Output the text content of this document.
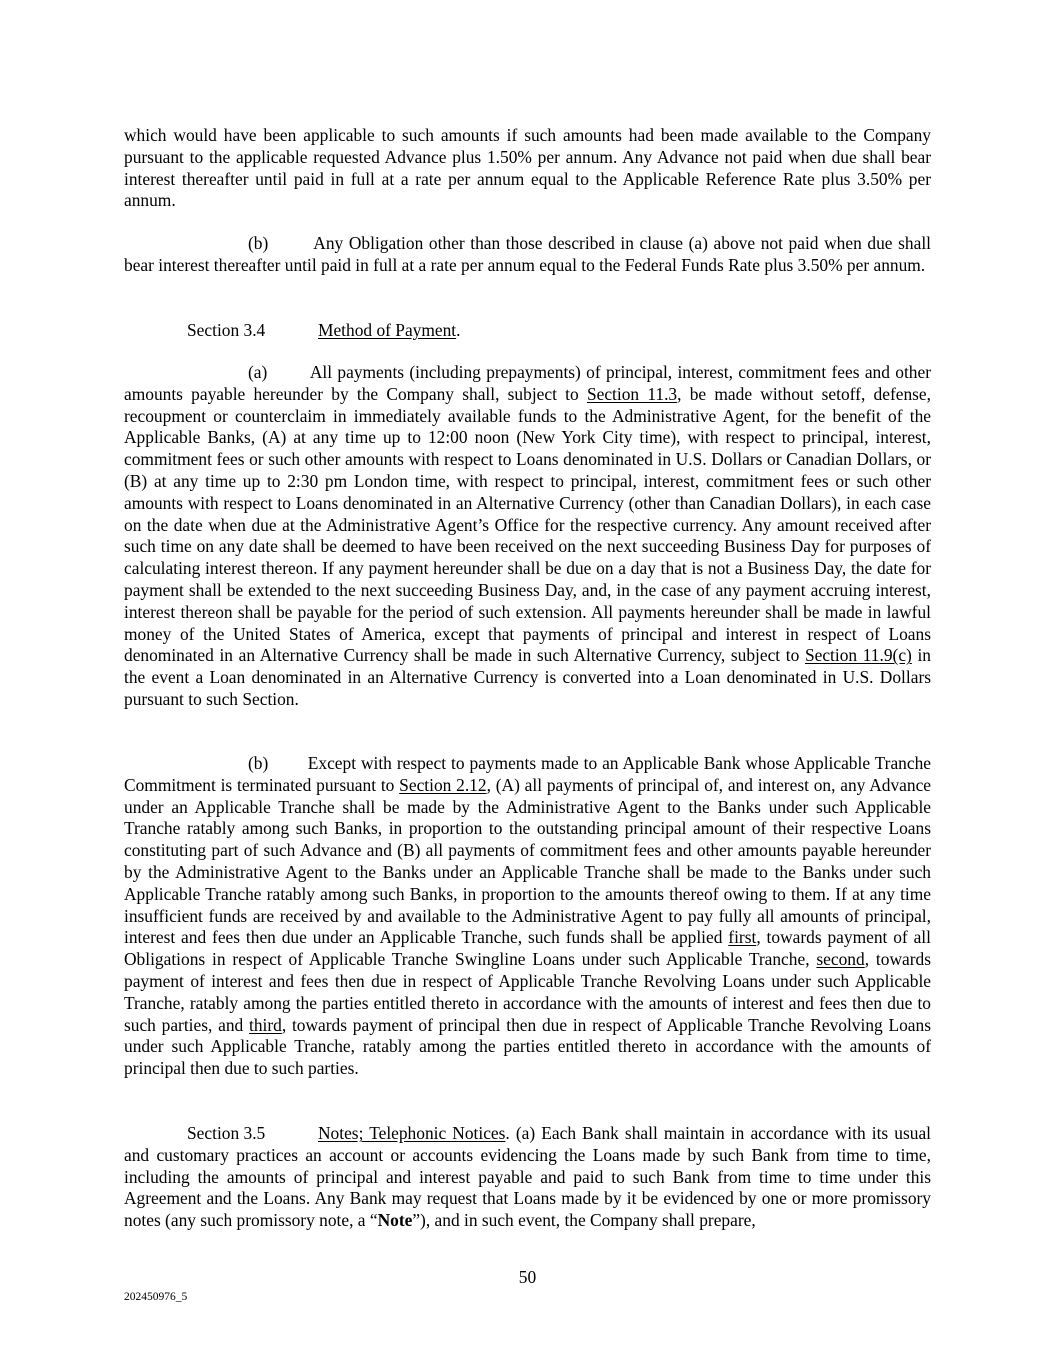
which would have been applicable to such amounts if such amounts had been made available to the Company pursuant to the applicable requested Advance plus 1.50% per annum. Any Advance not paid when due shall bear interest thereafter until paid in full at a rate per annum equal to the Applicable Reference Rate plus 3.50% per annum.

(b)	Any Obligation other than those described in clause (a) above not paid when due shall bear interest thereafter until paid in full at a rate per annum equal to the Federal Funds Rate plus 3.50% per annum.

Section 3.4	Method of Payment.

(a) All payments (including prepayments) of principal, interest, commitment fees and other amounts payable hereunder by the Company shall, subject to Section 11.3, be made without setoff, defense, recoupment or counterclaim in immediately available funds to the Administrative Agent, for the benefit of the Applicable Banks, (A) at any time up to 12:00 noon (New York City time), with respect to principal, interest, commitment fees or such other amounts with respect to Loans denominated in U.S. Dollars or Canadian Dollars, or (B) at any time up to 2:30 pm London time, with respect to principal, interest, commitment fees or such other amounts with respect to Loans denominated in an Alternative Currency (other than Canadian Dollars), in each case on the date when due at the Administrative Agent’s Office for the respective currency. Any amount received after such time on any date shall be deemed to have been received on the next succeeding Business Day for purposes of calculating interest thereon. If any payment hereunder shall be due on a day that is not a Business Day, the date for payment shall be extended to the next succeeding Business Day, and, in the case of any payment accruing interest, interest thereon shall be payable for the period of such extension. All payments hereunder shall be made in lawful money of the United States of America, except that payments of principal and interest in respect of Loans denominated in an Alternative Currency shall be made in such Alternative Currency, subject to Section 11.9(c) in the event a Loan denominated in an Alternative Currency is converted into a Loan denominated in U.S. Dollars pursuant to such Section.

(b) Except with respect to payments made to an Applicable Bank whose Applicable Tranche Commitment is terminated pursuant to Section 2.12, (A) all payments of principal of, and interest on, any Advance under an Applicable Tranche shall be made by the Administrative Agent to the Banks under such Applicable Tranche ratably among such Banks, in proportion to the outstanding principal amount of their respective Loans constituting part of such Advance and (B) all payments of commitment fees and other amounts payable hereunder by the Administrative Agent to the Banks under an Applicable Tranche shall be made to the Banks under such Applicable Tranche ratably among such Banks, in proportion to the amounts thereof owing to them. If at any time insufficient funds are received by and available to the Administrative Agent to pay fully all amounts of principal, interest and fees then due under an Applicable Tranche, such funds shall be applied first, towards payment of all Obligations in respect of Applicable Tranche Swingline Loans under such Applicable Tranche, second, towards payment of interest and fees then due in respect of Applicable Tranche Revolving Loans under such Applicable Tranche, ratably among the parties entitled thereto in accordance with the amounts of interest and fees then due to such parties, and third, towards payment of principal then due in respect of Applicable Tranche Revolving Loans under such Applicable Tranche, ratably among the parties entitled thereto in accordance with the amounts of principal then due to such parties.

Section 3.5	Notes; Telephonic Notices. (a) Each Bank shall maintain in accordance with its usual and customary practices an account or accounts evidencing the Loans made by such Bank from time to time, including the amounts of principal and interest payable and paid to such Bank from time to time under this Agreement and the Loans. Any Bank may request that Loans made by it be evidenced by one or more promissory notes (any such promissory note, a “Note”), and in such event, the Company shall prepare,

50

202450976_5
